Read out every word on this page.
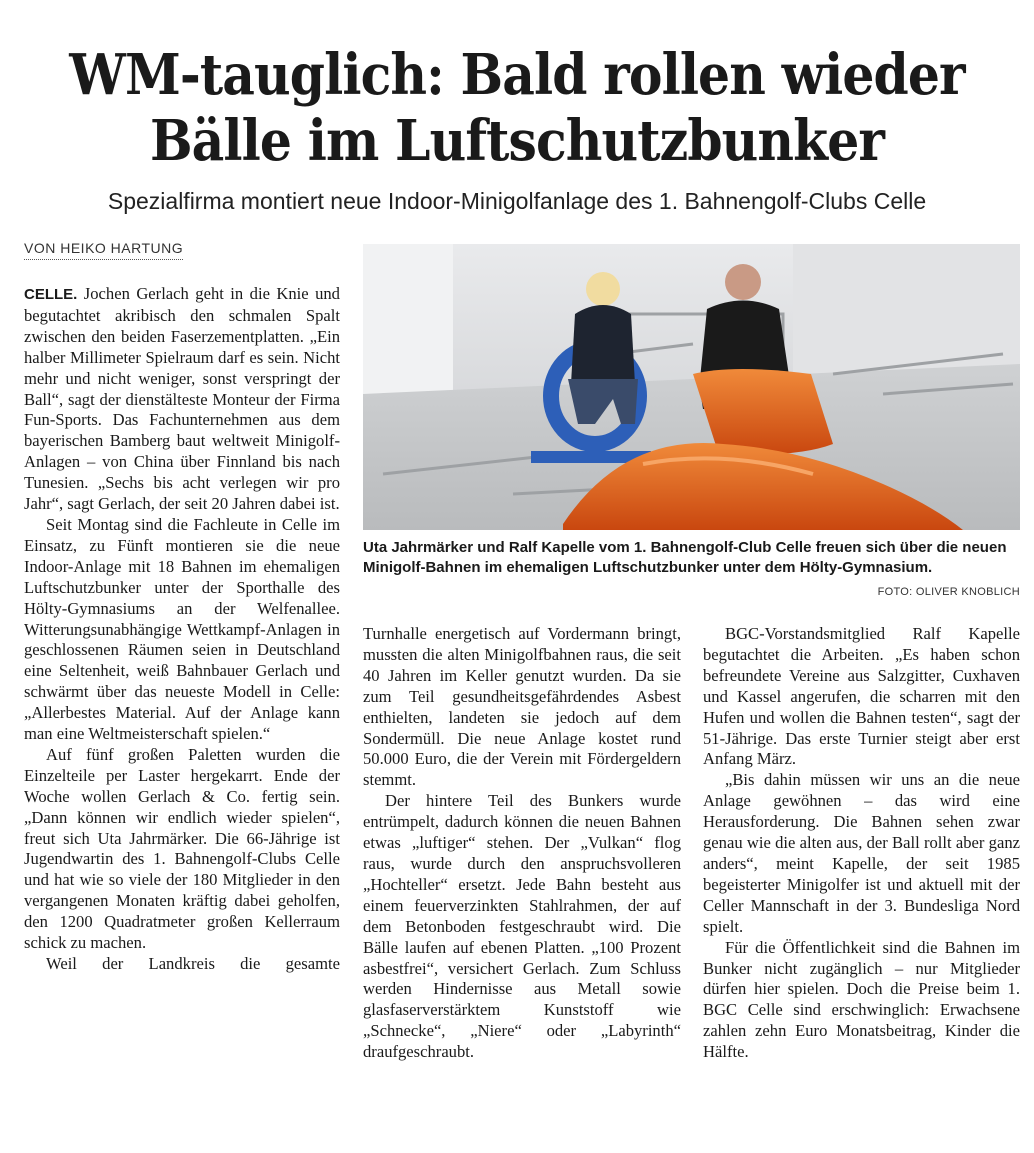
WM-tauglich: Bald rollen wieder
Bälle im Luftschutzbunker
Spezialfirma montiert neue Indoor-Minigolfanlage des 1. Bahnengolf-Clubs Celle
VON HEIKO HARTUNG

CELLE. Jochen Gerlach geht in die Knie und begutachtet akribisch den schmalen Spalt zwischen den beiden Faserzementplatten. „Ein halber Millimeter Spielraum darf es sein. Nicht mehr und nicht weniger, sonst verspringt der Ball“, sagt der dienstälteste Monteur der Firma Fun-Sports. Das Fachunternehmen aus dem bayerischen Bamberg baut weltweit Minigolf-Anlagen – von China über Finnland bis nach Tunesien. „Sechs bis acht verlegen wir pro Jahr“, sagt Gerlach, der seit 20 Jahren dabei ist.

Seit Montag sind die Fachleute in Celle im Einsatz, zu Fünft montieren sie die neue Indoor-Anlage mit 18 Bahnen im ehemaligen Luftschutzbunker unter der Sporthalle des Hölty-Gymnasiums an der Welfenallee. Witterungsunabhängige Wettkampf-Anlagen in geschlossenen Räumen seien in Deutschland eine Seltenheit, weiß Bahnbauer Gerlach und schwärmt über das neueste Modell in Celle: „Allerbestes Material. Auf der Anlage kann man eine Weltmeisterschaft spielen.“

Auf fünf großen Paletten wurden die Einzelteile per Laster hergekarrt. Ende der Woche wollen Gerlach & Co. fertig sein. „Dann können wir endlich wieder spielen“, freut sich Uta Jahrmärker. Die 66-Jährige ist Jugendwartin des 1. Bahnengolf-Clubs Celle und hat wie so viele der 180 Mitglieder in den vergangenen Monaten kräftig dabei geholfen, den 1200 Quadratmeter großen Kellerraum schick zu machen.

Weil der Landkreis die gesamte

Uta Jahrmärker und Ralf Kapelle vom 1. Bahnengolf-Club Celle freuen sich über die neuen Minigolf-Bahnen im ehemaligen Luftschutzbunker unter dem Hölty-Gymnasium.
FOTO: OLIVER KNOBLICH

Turnhalle energetisch auf Vordermann bringt, mussten die alten Minigolfbahnen raus, die seit 40 Jahren im Keller genutzt wurden. Da sie zum Teil gesundheitsgefährdendes Asbest enthielten, landeten sie jedoch auf dem Sondermüll. Die neue Anlage kostet rund 50.000 Euro, die der Verein mit Fördergeldern stemmt.

Der hintere Teil des Bunkers wurde entrümpelt, dadurch können die neuen Bahnen etwas „luftiger“ stehen. Der „Vulkan“ flog raus, wurde durch den anspruchsvolleren „Hochteller“ ersetzt. Jede Bahn besteht aus einem feuerverzinkten Stahlrahmen, der auf dem Betonboden festgeschraubt wird. Die Bälle laufen auf ebenen Platten. „100 Prozent asbestfrei“, versichert Gerlach. Zum Schluss werden Hindernisse aus Metall sowie glasfaserverstärktem Kunststoff wie „Schnecke“, „Niere“ oder „Labyrinth“ draufgeschraubt.

BGC-Vorstandsmitglied Ralf Kapelle begutachtet die Arbeiten. „Es haben schon befreundete Vereine aus Salzgitter, Cuxhaven und Kassel angerufen, die scharren mit den Hufen und wollen die Bahnen testen“, sagt der 51-Jährige. Das erste Turnier steigt aber erst Anfang März.

„Bis dahin müssen wir uns an die neue Anlage gewöhnen – das wird eine Herausforderung. Die Bahnen sehen zwar genau wie die alten aus, der Ball rollt aber ganz anders“, meint Kapelle, der seit 1985 begeisterter Minigolfer ist und aktuell mit der Celler Mannschaft in der 3. Bundesliga Nord spielt.

Für die Öffentlichkeit sind die Bahnen im Bunker nicht zugänglich – nur Mitglieder dürfen hier spielen. Doch die Preise beim 1. BGC Celle sind erschwinglich: Erwachsene zahlen zehn Euro Monatsbeitrag, Kinder die Hälfte.
